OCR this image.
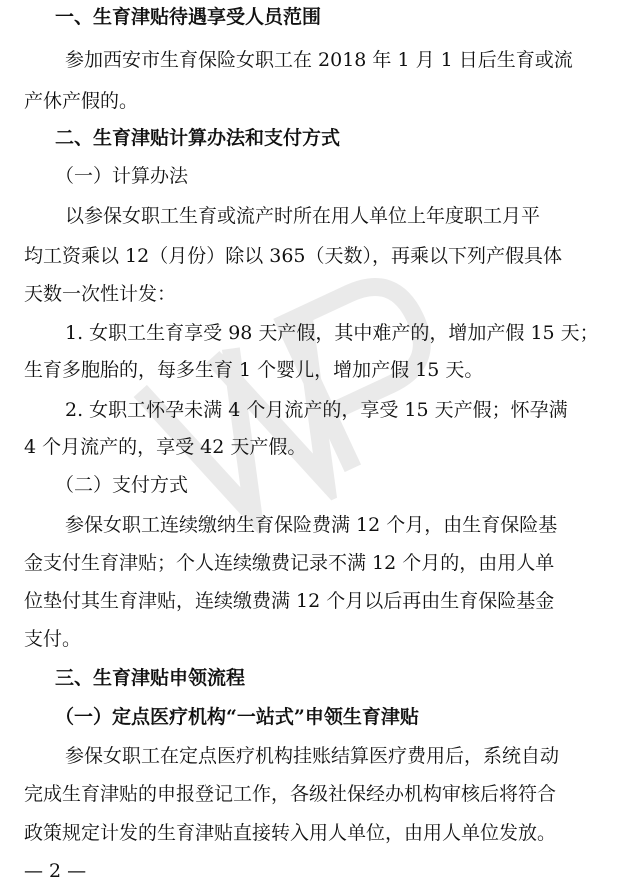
一、生育津贴待遇享受人员范围
参加西安市生育保险女职工在 2018 年 1 月 1 日后生育或流
产休产假的。
二、生育津贴计算办法和支付方式
（一）计算办法
以参保女职工生育或流产时所在用人单位上年度职工月平
均工资乘以 12（月份）除以 365（天数），再乘以下列产假具体
天数一次性计发：
1. 女职工生育享受 98 天产假，其中难产的，增加产假 15 天；
生育多胞胎的，每多生育 1 个婴儿，增加产假 15 天。
2. 女职工怀孕未满 4 个月流产的，享受 15 天产假；怀孕满
4 个月流产的，享受 42 天产假。
（二）支付方式
参保女职工连续缴纳生育保险费满 12 个月，由生育保险基
金支付生育津贴；个人连续缴费记录不满 12 个月的，由用人单
位垫付其生育津贴，连续缴费满 12 个月以后再由生育保险基金
支付。
三、生育津贴申领流程
（一）定点医疗机构“一站式”申领生育津贴
参保女职工在定点医疗机构挂账结算医疗费用后，系统自动
完成生育津贴的申报登记工作，各级社保经办机构审核后将符合
政策规定计发的生育津贴直接转入用人单位，由用人单位发放。
— 2 —
